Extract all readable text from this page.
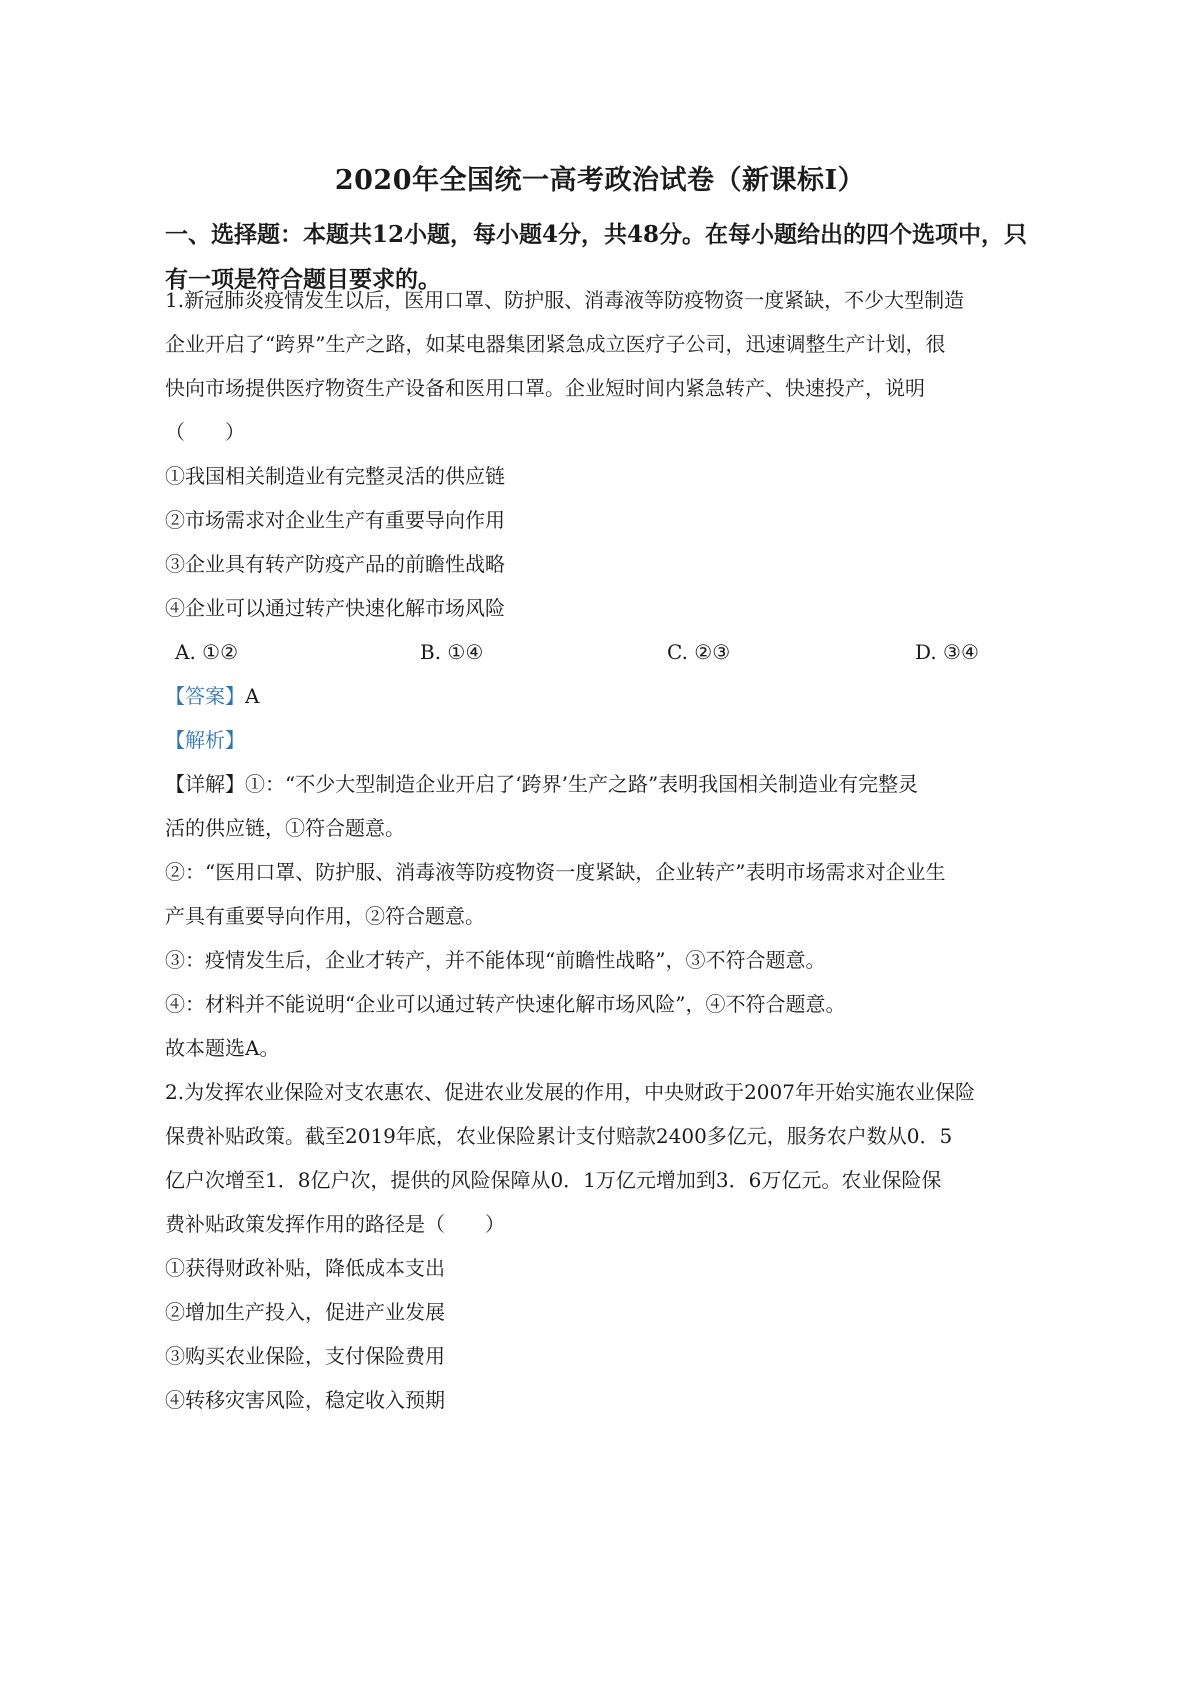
2020年全国统一高考政治试卷（新课标I）
一、选择题：本题共12小题，每小题4分，共48分。在每小题给出的四个选项中，只有一项是符合题目要求的。
1.新冠肺炎疫情发生以后，医用口罩、防护服、消毒液等防疫物资一度紧缺，不少大型制造
企业开启了“跨界”生产之路，如某电器集团紧急成立医疗子公司，迅速调整生产计划，很
快向市场提供医疗物资生产设备和医用口罩。企业短时间内紧急转产、快速投产，说明
（　　）
①我国相关制造业有完整灵活的供应链
②市场需求对企业生产有重要导向作用
③企业具有转产防疫产品的前瞻性战略
④企业可以通过转产快速化解市场风险
A. ①②	B. ①④	C. ②③	D. ③④
【答案】A
【解析】
【详解】①：“不少大型制造企业开启了‘跨界’生产之路”表明我国相关制造业有完整灵
活的供应链，①符合题意。
②：“医用口罩、防护服、消毒液等防疫物资一度紧缺，企业转产”表明市场需求对企业生
产具有重要导向作用，②符合题意。
③：疫情发生后，企业才转产，并不能体现“前瞻性战略”，③不符合题意。
④：材料并不能说明“企业可以通过转产快速化解市场风险”，④不符合题意。
故本题选A。
2.为发挥农业保险对支农惠农、促进农业发展的作用，中央财政于2007年开始实施农业保险
保费补贴政策。截至2019年底，农业保险累计支付赔款2400多亿元，服务农户数从0．5
亿户次增至1．8亿户次，提供的风险保障从0．1万亿元增加到3．6万亿元。农业保险保
费补贴政策发挥作用的路径是（　　）
①获得财政补贴，降低成本支出
②增加生产投入，促进产业发展
③购买农业保险，支付保险费用
④转移灾害风险，稳定收入预期
